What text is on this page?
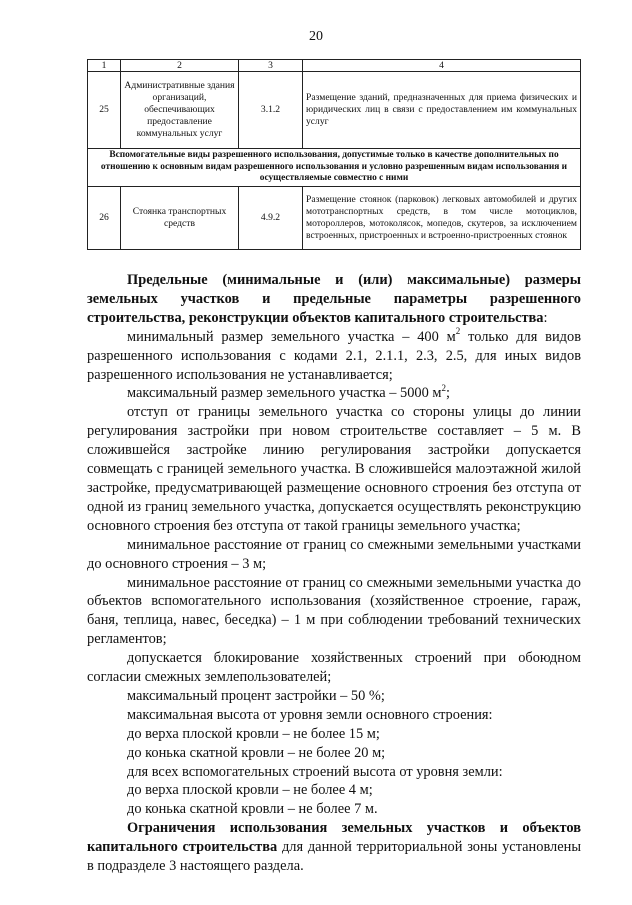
20
1	2	3	4
25	Административные здания организаций, обеспечивающих предоставление коммунальных услуг	3.1.2	Размещение зданий, предназначенных для приема физических и юридических лиц в связи с предоставлением им коммунальных услуг
Вспомогательные виды разрешенного использования, допустимые только в качестве дополнительных по отношению к основным видам разрешенного использования и условно разрешенным видам использования и осуществляемые совместно с ними			
26	Стоянка транспортных средств	4.9.2	Размещение стоянок (парковок) легковых автомобилей и других мототранспортных средств, в том числе мотоциклов, мотороллеров, мотоколясок, мопедов, скутеров, за исключением встроенных, пристроенных и встроенно-пристроенных стоянок

Предельные (минимальные и (или) максимальные) размеры земельных участков и предельные параметры разрешенного строительства, реконструкции объектов капитального строительства:

минимальный размер земельного участка – 400 $м^2$ только для видов разрешенного использования с кодами 2.1, 2.1.1, 2.3, 2.5, для иных видов разрешенного использования не устанавливается;

максимальный размер земельного участка – 5000 $м^2$;

отступ от границы земельного участка со стороны улицы до линии регулирования застройки при новом строительстве составляет – 5 м. В сложившейся застройке линию регулирования застройки допускается совмещать с границей земельного участка. В сложившейся малоэтажной жилой застройке, предусматривающей размещение основного строения без отступа от одной из границ земельного участка, допускается осуществлять реконструкцию основного строения без отступа от такой границы земельного участка;

минимальное расстояние от границ со смежными земельными участками до основного строения – 3 м;

минимальное расстояние от границ со смежными земельными участка до объектов вспомогательного использования (хозяйственное строение, гараж, баня, теплица, навес, беседка) – 1 м при соблюдении требований технических регламентов;

допускается блокирование хозяйственных строений при обоюдном согласии смежных землепользователей;

максимальный процент застройки – 50 %;

максимальная высота от уровня земли основного строения:

до верха плоской кровли – не более 15 м;

до конька скатной кровли – не более 20 м;

для всех вспомогательных строений высота от уровня земли:

до верха плоской кровли – не более 4 м;

до конька скатной кровли – не более 7 м.

Ограничения использования земельных участков и объектов капитального строительства для данной территориальной зоны установлены в подразделе 3 настоящего раздела.
